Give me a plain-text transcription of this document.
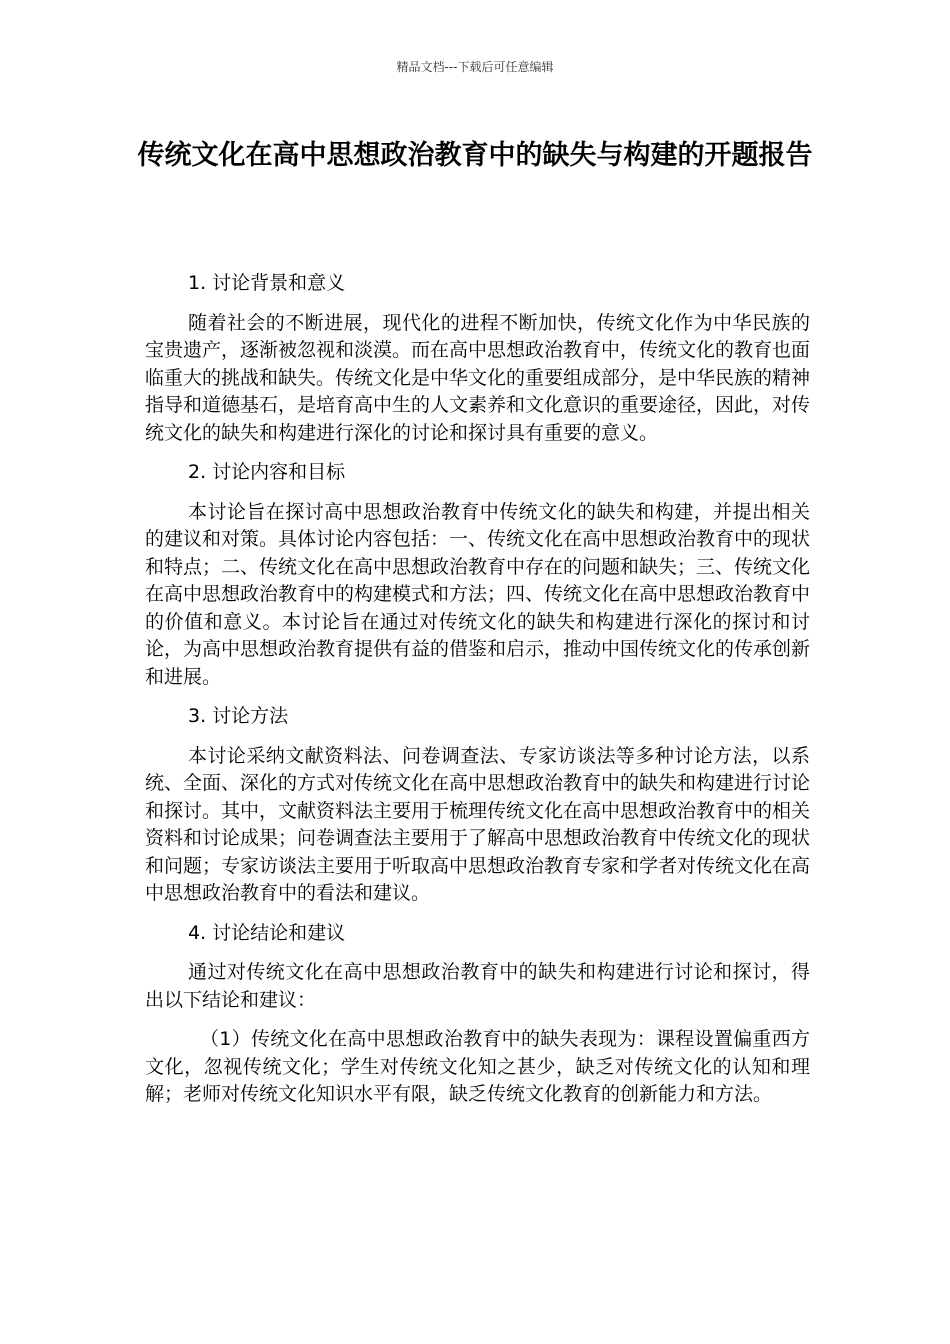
精品文档---下载后可任意编辑
传统文化在高中思想政治教育中的缺失与构建的开题报告
1. 讨论背景和意义
随着社会的不断进展，现代化的进程不断加快，传统文化作为中华民族的宝贵遗产，逐渐被忽视和淡漠。而在高中思想政治教育中，传统文化的教育也面临重大的挑战和缺失。传统文化是中华文化的重要组成部分，是中华民族的精神指导和道德基石，是培育高中生的人文素养和文化意识的重要途径，因此，对传统文化的缺失和构建进行深化的讨论和探讨具有重要的意义。
2. 讨论内容和目标
本讨论旨在探讨高中思想政治教育中传统文化的缺失和构建，并提出相关的建议和对策。具体讨论内容包括：一、传统文化在高中思想政治教育中的现状和特点；二、传统文化在高中思想政治教育中存在的问题和缺失；三、传统文化在高中思想政治教育中的构建模式和方法；四、传统文化在高中思想政治教育中的价值和意义。本讨论旨在通过对传统文化的缺失和构建进行深化的探讨和讨论，为高中思想政治教育提供有益的借鉴和启示，推动中国传统文化的传承创新和进展。
3. 讨论方法
本讨论采纳文献资料法、问卷调查法、专家访谈法等多种讨论方法，以系统、全面、深化的方式对传统文化在高中思想政治教育中的缺失和构建进行讨论和探讨。其中，文献资料法主要用于梳理传统文化在高中思想政治教育中的相关资料和讨论成果；问卷调查法主要用于了解高中思想政治教育中传统文化的现状和问题；专家访谈法主要用于听取高中思想政治教育专家和学者对传统文化在高中思想政治教育中的看法和建议。
4. 讨论结论和建议
通过对传统文化在高中思想政治教育中的缺失和构建进行讨论和探讨，得出以下结论和建议：
（1）传统文化在高中思想政治教育中的缺失表现为：课程设置偏重西方文化，忽视传统文化；学生对传统文化知之甚少，缺乏对传统文化的认知和理解；老师对传统文化知识水平有限，缺乏传统文化教育的创新能力和方法。
